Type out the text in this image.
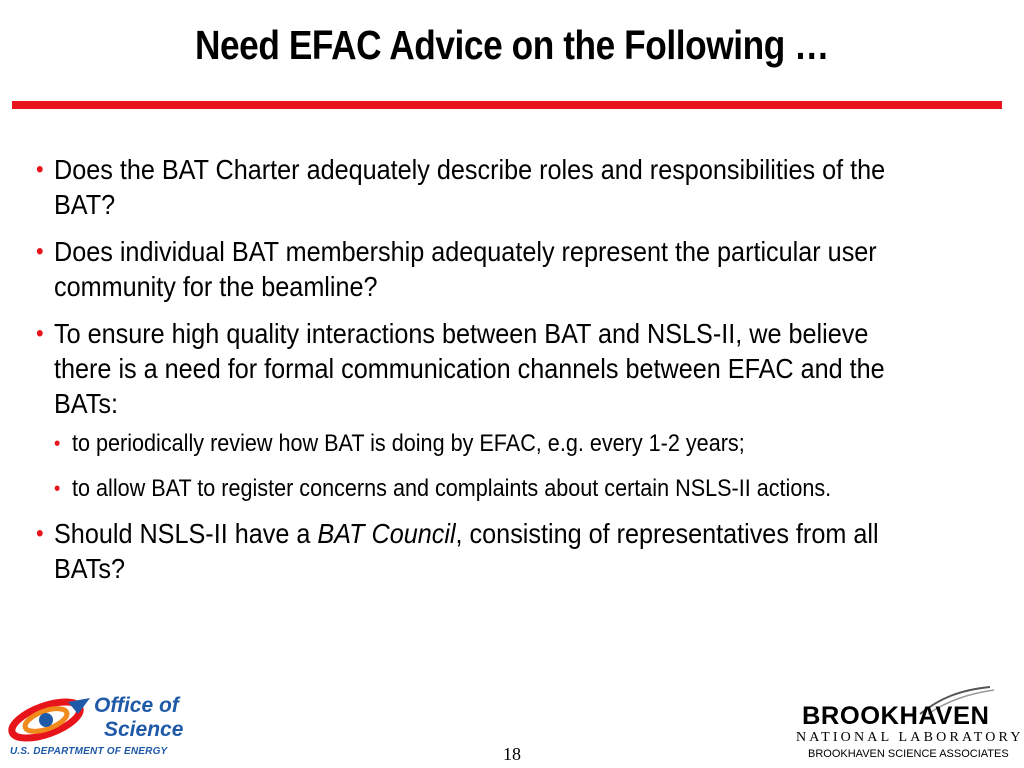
Need EFAC Advice on the Following …
• Does the BAT Charter adequately describe roles and responsibilities of the BAT?
• Does individual BAT membership adequately represent the particular user community for the beamline?
• To ensure high quality interactions between BAT and NSLS-II, we believe there is a need for formal communication channels between EFAC and the BATs:
• to periodically review how BAT is doing by EFAC, e.g. every 1-2 years;
• to allow BAT to register concerns and complaints about certain NSLS-II actions.
• Should NSLS-II have a BAT Council, consisting of representatives from all BATs?
Office of
Science
U.S. DEPARTMENT OF ENERGY	18
BROOKHAVEN
NATIONAL LABORATORY
BROOKHAVEN SCIENCE ASSOCIATES
